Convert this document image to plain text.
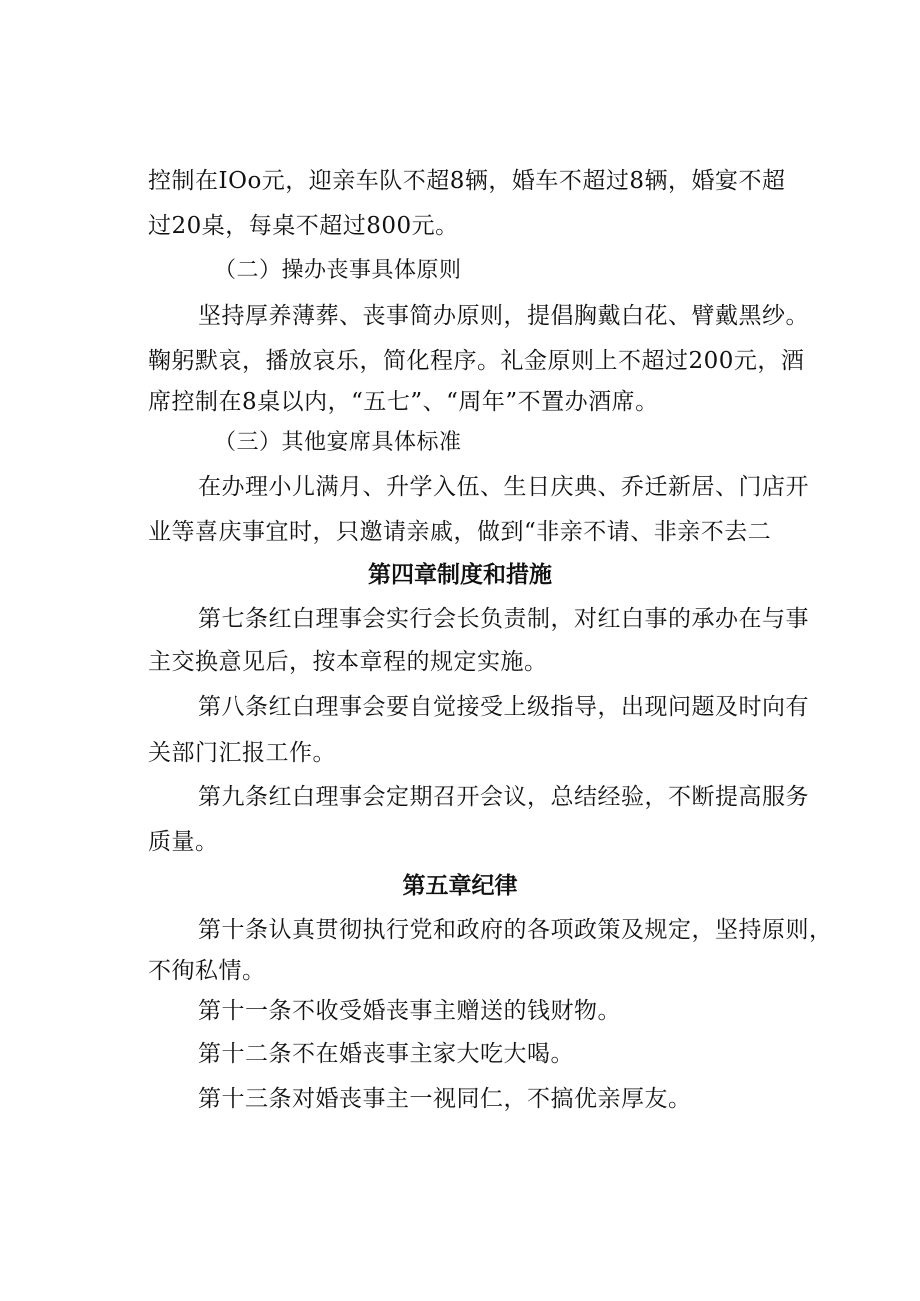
控制在IOo元，迎亲车队不超8辆，婚车不超过8辆，婚宴不超
过20桌，每桌不超过800元。
（二）操办丧事具体原则
坚持厚养薄葬、丧事简办原则，提倡胸戴白花、臂戴黑纱。
鞠躬默哀，播放哀乐，简化程序。礼金原则上不超过200元，酒
席控制在8桌以内，“五七”、“周年”不置办酒席。
（三）其他宴席具体标准
在办理小儿满月、升学入伍、生日庆典、乔迁新居、门店开
业等喜庆事宜时，只邀请亲戚，做到“非亲不请、非亲不去二
第四章制度和措施
第七条红白理事会实行会长负责制，对红白事的承办在与事
主交换意见后，按本章程的规定实施。
第八条红白理事会要自觉接受上级指导，出现问题及时向有
关部门汇报工作。
第九条红白理事会定期召开会议，总结经验，不断提高服务
质量。
第五章纪律
第十条认真贯彻执行党和政府的各项政策及规定，坚持原则，
不徇私情。
第十一条不收受婚丧事主赠送的钱财物。
第十二条不在婚丧事主家大吃大喝。
第十三条对婚丧事主一视同仁，不搞优亲厚友。
